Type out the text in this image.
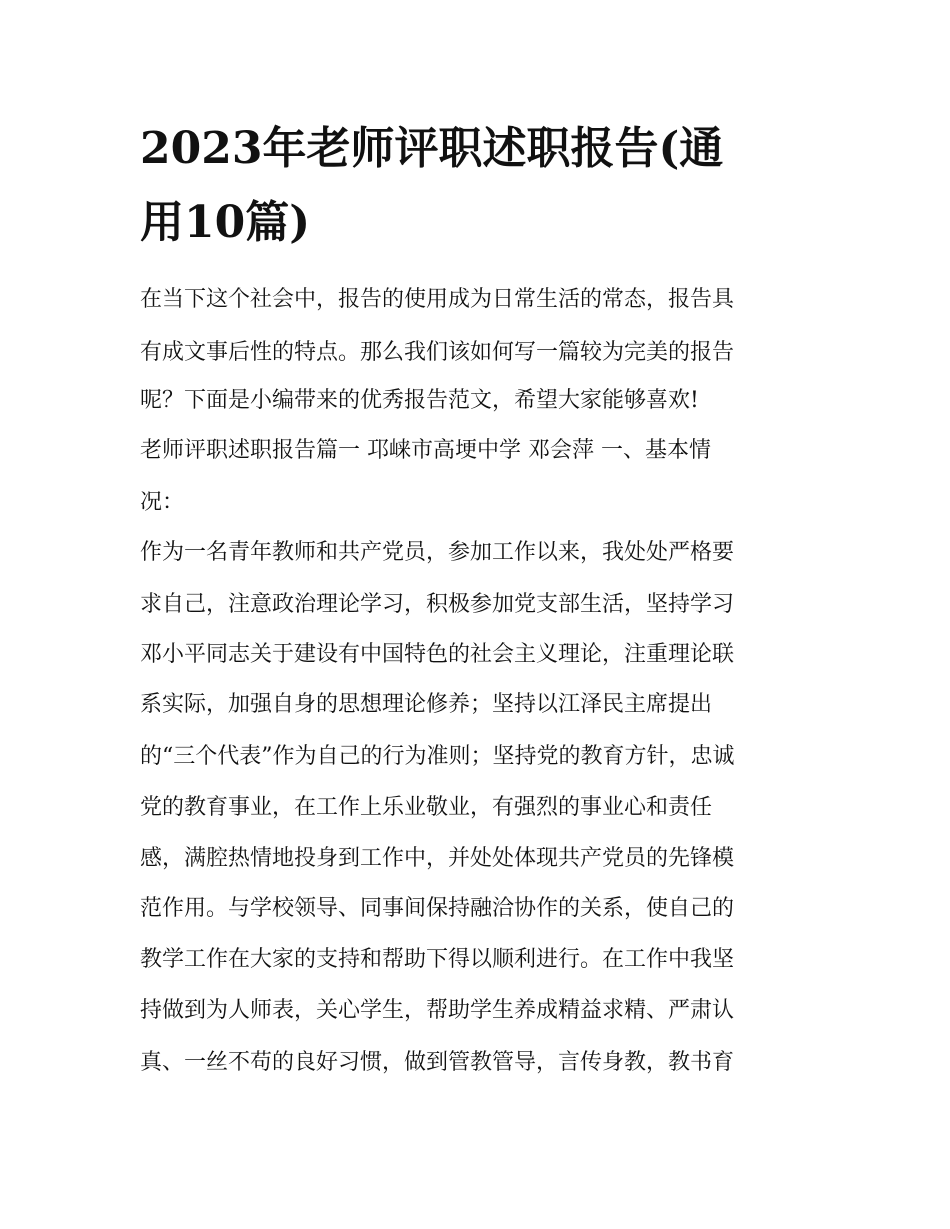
2023年老师评职述职报告(通
用10篇)

在当下这个社会中，报告的使用成为日常生活的常态，报告具

有成文事后性的特点。那么我们该如何写一篇较为完美的报告

呢？下面是小编带来的优秀报告范文，希望大家能够喜欢!

老师评职述职报告篇一 邛崃市高埂中学 邓会萍 一、基本情

况：

作为一名青年教师和共产党员，参加工作以来，我处处严格要

求自己，注意政治理论学习，积极参加党支部生活，坚持学习

邓小平同志关于建设有中国特色的社会主义理论，注重理论联

系实际，加强自身的思想理论修养；坚持以江泽民主席提出

的“三个代表”作为自己的行为准则；坚持党的教育方针，忠诚

党的教育事业，在工作上乐业敬业，有强烈的事业心和责任

感，满腔热情地投身到工作中，并处处体现共产党员的先锋模

范作用。与学校领导、同事间保持融洽协作的关系，使自己的

教学工作在大家的支持和帮助下得以顺利进行。在工作中我坚

持做到为人师表，关心学生，帮助学生养成精益求精、严肃认

真、一丝不苟的良好习惯，做到管教管导，言传身教，教书育
